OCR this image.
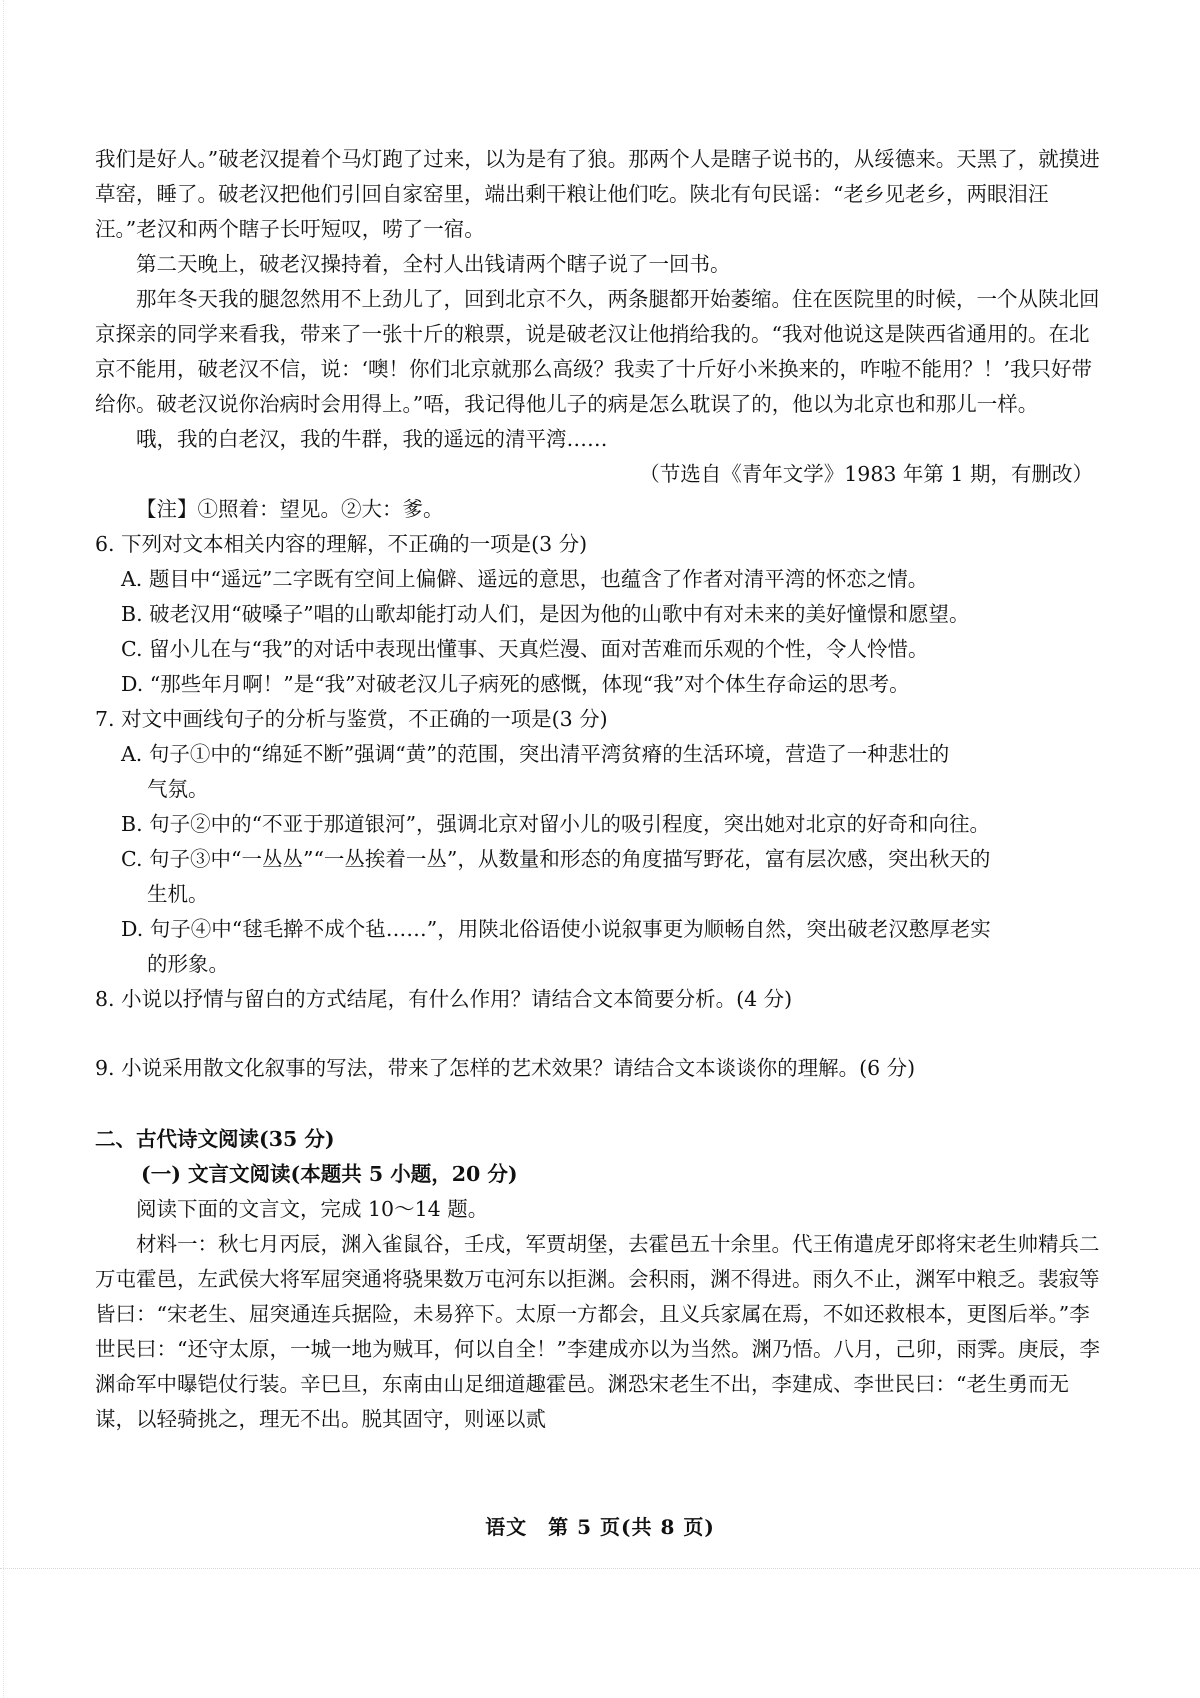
我们是好人。”破老汉提着个马灯跑了过来，以为是有了狼。那两个人是瞎子说书的，从绥德来。天黑了，就摸进草窑，睡了。破老汉把他们引回自家窑里，端出剩干粮让他们吃。陕北有句民谣：“老乡见老乡，两眼泪汪汪。”老汉和两个瞎子长吁短叹，唠了一宿。

第二天晚上，破老汉操持着，全村人出钱请两个瞎子说了一回书。

那年冬天我的腿忽然用不上劲儿了，回到北京不久，两条腿都开始萎缩。住在医院里的时候，一个从陕北回京探亲的同学来看我，带来了一张十斤的粮票，说是破老汉让他捎给我的。“我对他说这是陕西省通用的。在北京不能用，破老汉不信，说：‘噢！你们北京就那么高级？我卖了十斤好小米换来的，咋啦不能用？！’我只好带给你。破老汉说你治病时会用得上。”唔，我记得他儿子的病是怎么耽误了的，他以为北京也和那儿一样。

哦，我的白老汉，我的牛群，我的遥远的清平湾……

（节选自《青年文学》1983 年第 1 期，有删改）

【注】①照着：望见。②大：爹。

6. 下列对文本相关内容的理解，不正确的一项是(3 分)

A. 题目中“遥远”二字既有空间上偏僻、遥远的意思，也蕴含了作者对清平湾的怀恋之情。

B. 破老汉用“破嗓子”唱的山歌却能打动人们，是因为他的山歌中有对未来的美好憧憬和愿望。

C. 留小儿在与“我”的对话中表现出懂事、天真烂漫、面对苦难而乐观的个性，令人怜惜。

D. “那些年月啊！”是“我”对破老汉儿子病死的感慨，体现“我”对个体生存命运的思考。

7. 对文中画线句子的分析与鉴赏，不正确的一项是(3 分)

A. 句子①中的“绵延不断”强调“黄”的范围，突出清平湾贫瘠的生活环境，营造了一种悲壮的

气氛。

B. 句子②中的“不亚于那道银河”，强调北京对留小儿的吸引程度，突出她对北京的好奇和向往。

C. 句子③中“一丛丛”“一丛挨着一丛”，从数量和形态的角度描写野花，富有层次感，突出秋天的

生机。

D. 句子④中“毬毛擀不成个毡……”，用陕北俗语使小说叙事更为顺畅自然，突出破老汉憨厚老实

的形象。

8. 小说以抒情与留白的方式结尾，有什么作用？请结合文本简要分析。(4 分)

9. 小说采用散文化叙事的写法，带来了怎样的艺术效果？请结合文本谈谈你的理解。(6 分)

二、古代诗文阅读(35 分)

(一) 文言文阅读(本题共 5 小题，20 分)

阅读下面的文言文，完成 10～14 题。

材料一：秋七月丙辰，渊入雀鼠谷，壬戌，军贾胡堡，去霍邑五十余里。代王侑遣虎牙郎将宋老生帅精兵二万屯霍邑，左武侯大将军屈突通将骁果数万屯河东以拒渊。会积雨，渊不得进。雨久不止，渊军中粮乏。裴寂等皆曰：“宋老生、屈突通连兵据险，未易猝下。太原一方都会，且义兵家属在焉，不如还救根本，更图后举。”李世民曰：“还守太原，一城一地为贼耳，何以自全！”李建成亦以为当然。渊乃悟。八月，己卯，雨霁。庚辰，李渊命军中曝铠仗行装。辛巳旦，东南由山足细道趣霍邑。渊恐宋老生不出，李建成、李世民曰：“老生勇而无谋，以轻骑挑之，理无不出。脱其固守，则诬以贰

语文　第 5 页(共 8 页)
